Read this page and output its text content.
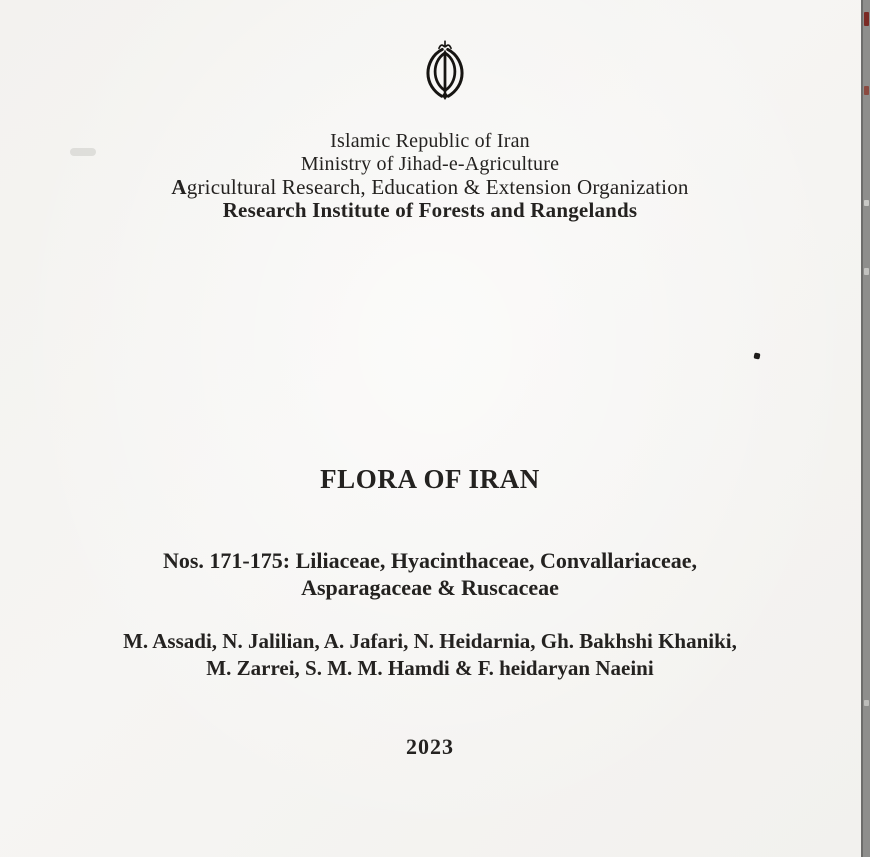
Islamic Republic of Iran
Ministry of Jihad-e-Agriculture
Agricultural Research, Education & Extension Organization
Research Institute of Forests and Rangelands
FLORA OF IRAN
Nos. 171-175: Liliaceae, Hyacinthaceae, Convallariaceae,
Asparagaceae & Ruscaceae
M. Assadi, N. Jalilian, A. Jafari, N. Heidarnia, Gh. Bakhshi Khaniki,
M. Zarrei, S. M. M. Hamdi & F. heidaryan Naeini
2023
